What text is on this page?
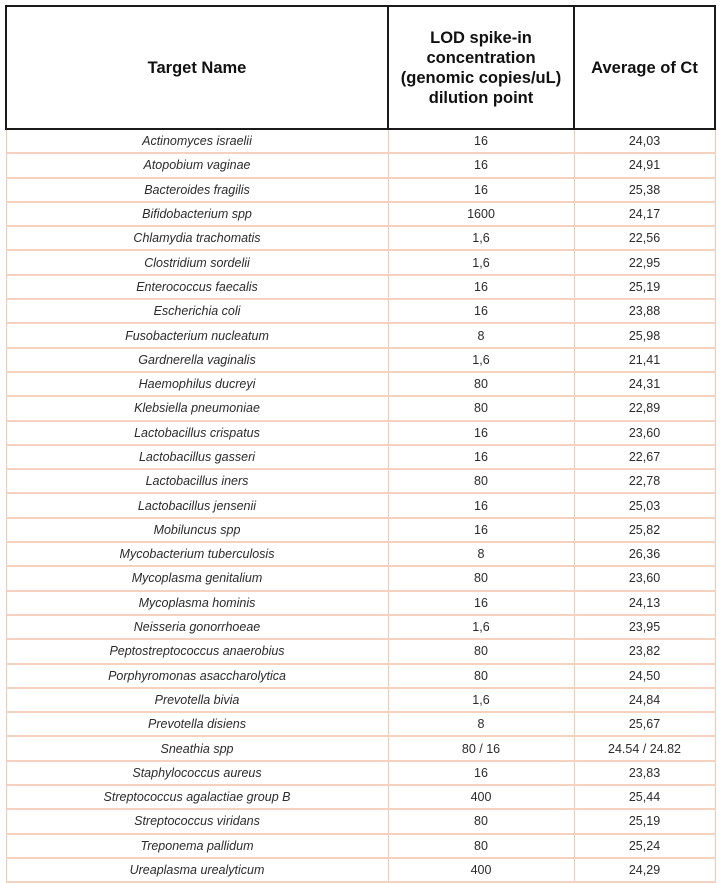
Target Name	LOD spike-in concentration (genomic copies/uL) dilution point	Average of Ct
Actinomyces israelii	16	24,03
Atopobium vaginae	16	24,91
Bacteroides fragilis	16	25,38
Bifidobacterium spp	1600	24,17
Chlamydia trachomatis	1,6	22,56
Clostridium sordelii	1,6	22,95
Enterococcus faecalis	16	25,19
Escherichia coli	16	23,88
Fusobacterium nucleatum	8	25,98
Gardnerella vaginalis	1,6	21,41
Haemophilus ducreyi	80	24,31
Klebsiella pneumoniae	80	22,89
Lactobacillus crispatus	16	23,60
Lactobacillus gasseri	16	22,67
Lactobacillus iners	80	22,78
Lactobacillus jensenii	16	25,03
Mobiluncus spp	16	25,82
Mycobacterium tuberculosis	8	26,36
Mycoplasma genitalium	80	23,60
Mycoplasma hominis	16	24,13
Neisseria gonorrhoeae	1,6	23,95
Peptostreptococcus anaerobius	80	23,82
Porphyromonas asaccharolytica	80	24,50
Prevotella bivia	1,6	24,84
Prevotella disiens	8	25,67
Sneathia spp	80 / 16	24.54 / 24.82
Staphylococcus aureus	16	23,83
Streptococcus agalactiae group B	400	25,44
Streptococcus viridans	80	25,19
Treponema pallidum	80	25,24
Ureaplasma urealyticum	400	24,29
